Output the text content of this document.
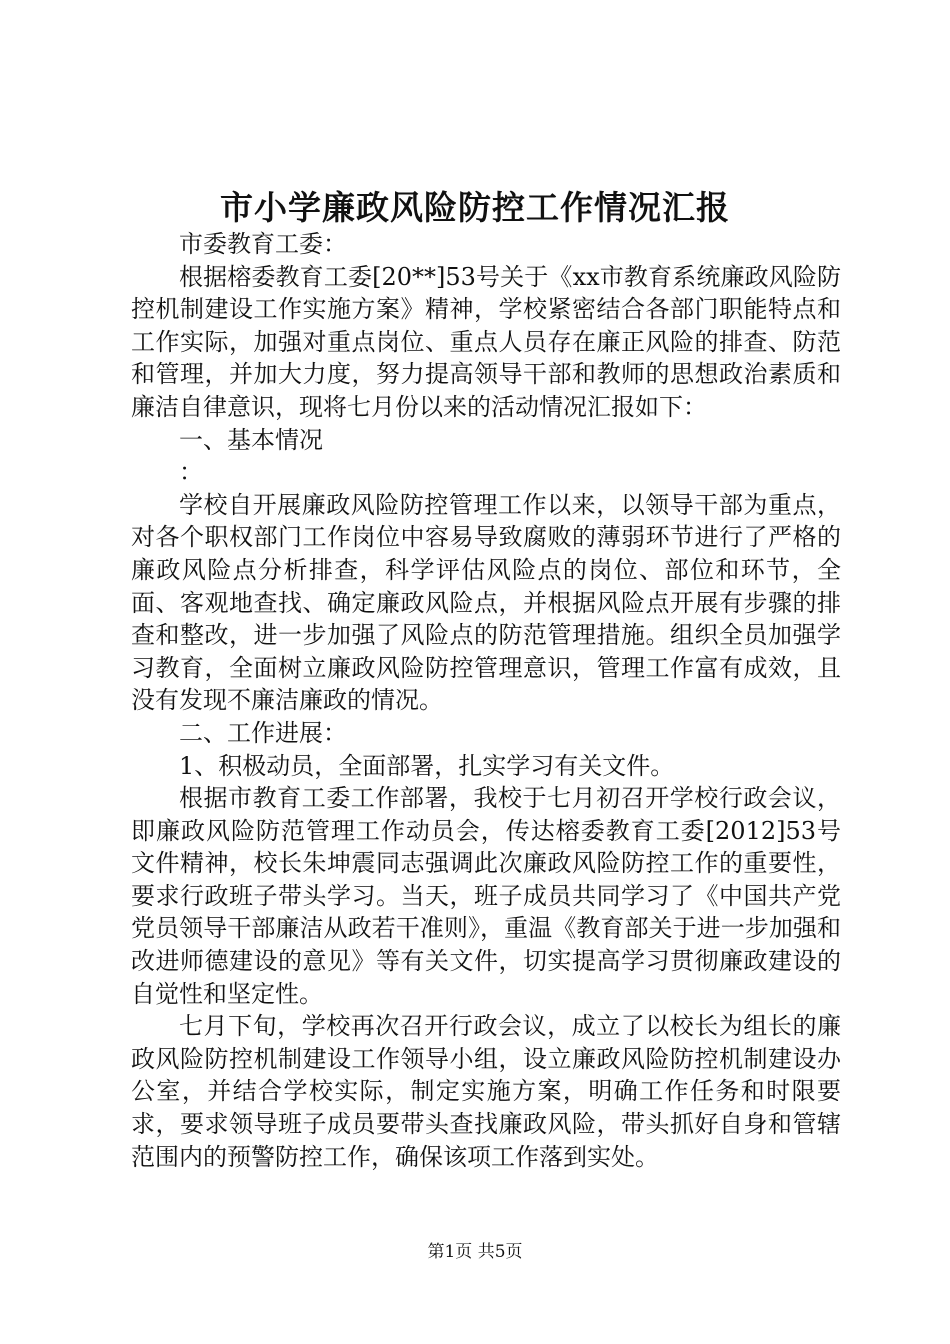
市小学廉政风险防控工作情况汇报

市委教育工委：

根据榕委教育工委[20**]53号关于《xx市教育系统廉政风险防控机制建设工作实施方案》精神，学校紧密结合各部门职能特点和工作实际，加强对重点岗位、重点人员存在廉正风险的排查、防范和管理，并加大力度，努力提高领导干部和教师的思想政治素质和廉洁自律意识，现将七月份以来的活动情况汇报如下：

一、基本情况

：

学校自开展廉政风险防控管理工作以来，以领导干部为重点，对各个职权部门工作岗位中容易导致腐败的薄弱环节进行了严格的廉政风险点分析排查，科学评估风险点的岗位、部位和环节，全面、客观地查找、确定廉政风险点，并根据风险点开展有步骤的排查和整改，进一步加强了风险点的防范管理措施。组织全员加强学习教育，全面树立廉政风险防控管理意识，管理工作富有成效，且没有发现不廉洁廉政的情况。

二、工作进展：

1、积极动员，全面部署，扎实学习有关文件。

根据市教育工委工作部署，我校于七月初召开学校行政会议，即廉政风险防范管理工作动员会，传达榕委教育工委[2012]53号文件精神，校长朱坤震同志强调此次廉政风险防控工作的重要性，要求行政班子带头学习。当天，班子成员共同学习了《中国共产党党员领导干部廉洁从政若干准则》，重温《教育部关于进一步加强和改进师德建设的意见》等有关文件，切实提高学习贯彻廉政建设的自觉性和坚定性。

七月下旬，学校再次召开行政会议，成立了以校长为组长的廉政风险防控机制建设工作领导小组，设立廉政风险防控机制建设办公室，并结合学校实际，制定实施方案，明确工作任务和时限要求，要求领导班子成员要带头查找廉政风险，带头抓好自身和管辖范围内的预警防控工作，确保该项工作落到实处。

第1页 共5页
